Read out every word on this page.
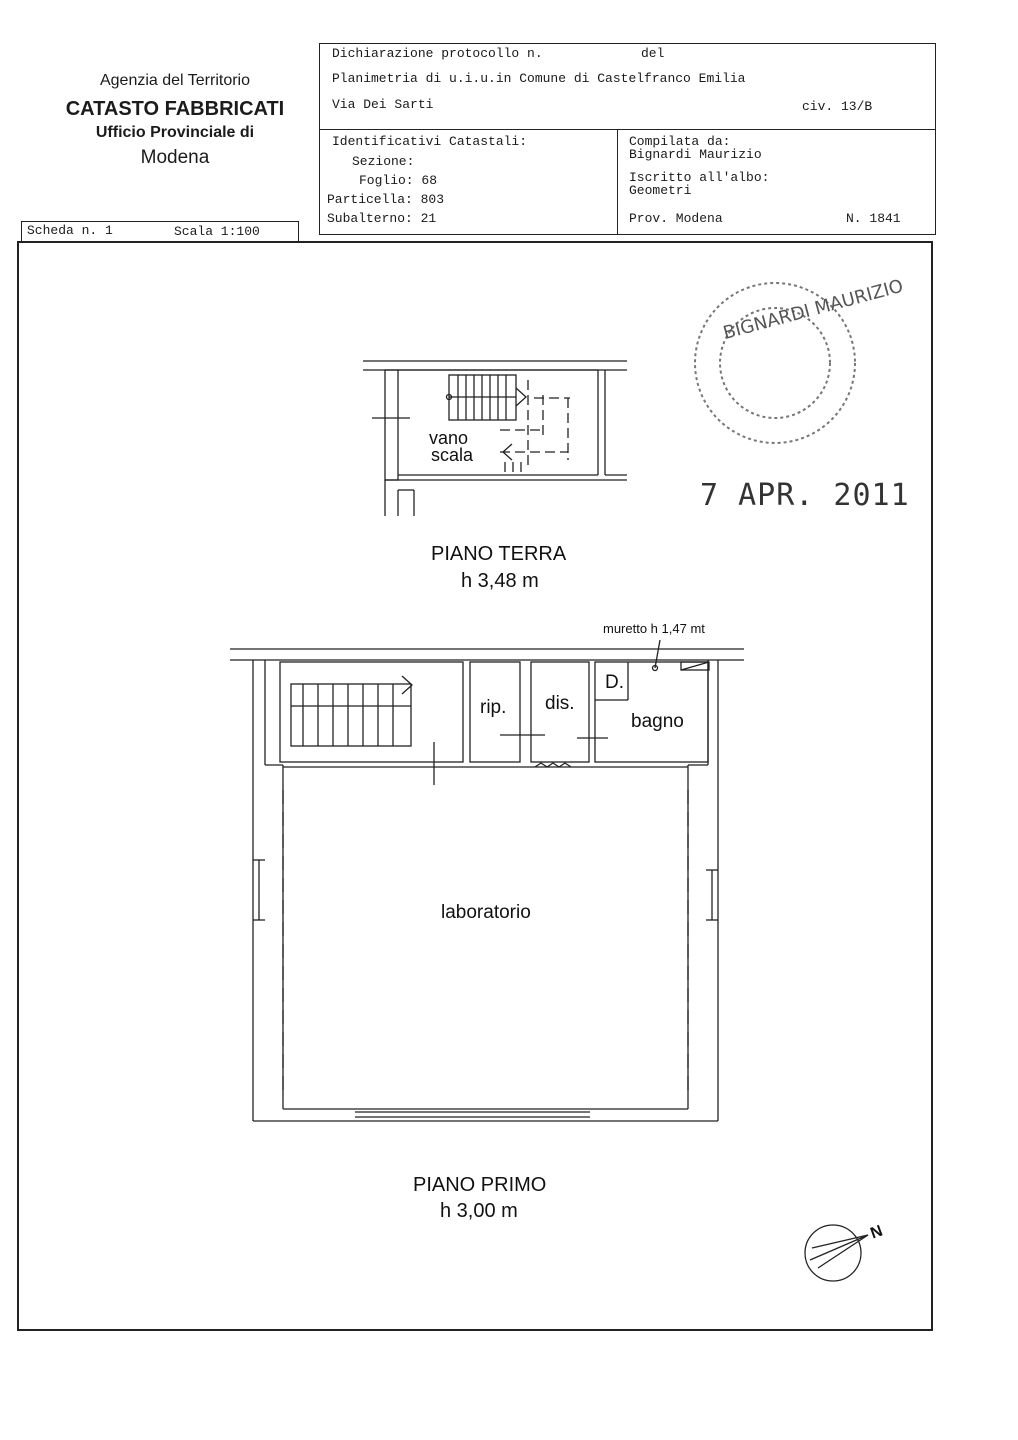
Agenzia del Territorio
CATASTO FABBRICATI
Ufficio Provinciale di
Modena
Dichiarazione protocollo n.	del
Planimetria di u.i.u.in Comune di Castelfranco Emilia
Via Dei Sarti	civ. 13/B
Identificativi Catastali:
Sezione:
Foglio: 68
Particella: 803
Subalterno: 21
Compilata da:
Bignardi Maurizio
Iscritto all'albo:
Geometri
Prov. Modena	N. 1841
Scheda n. 1	Scala 1:100
BIGNARDI MAURIZIO
vano
scala
PIANO TERRA
h 3,48 m
muretto h 1,47 mt
rip. dis.
D.
bagno
laboratorio
PIANO PRIMO
h 3,00 m
7 APR. 2011
N
